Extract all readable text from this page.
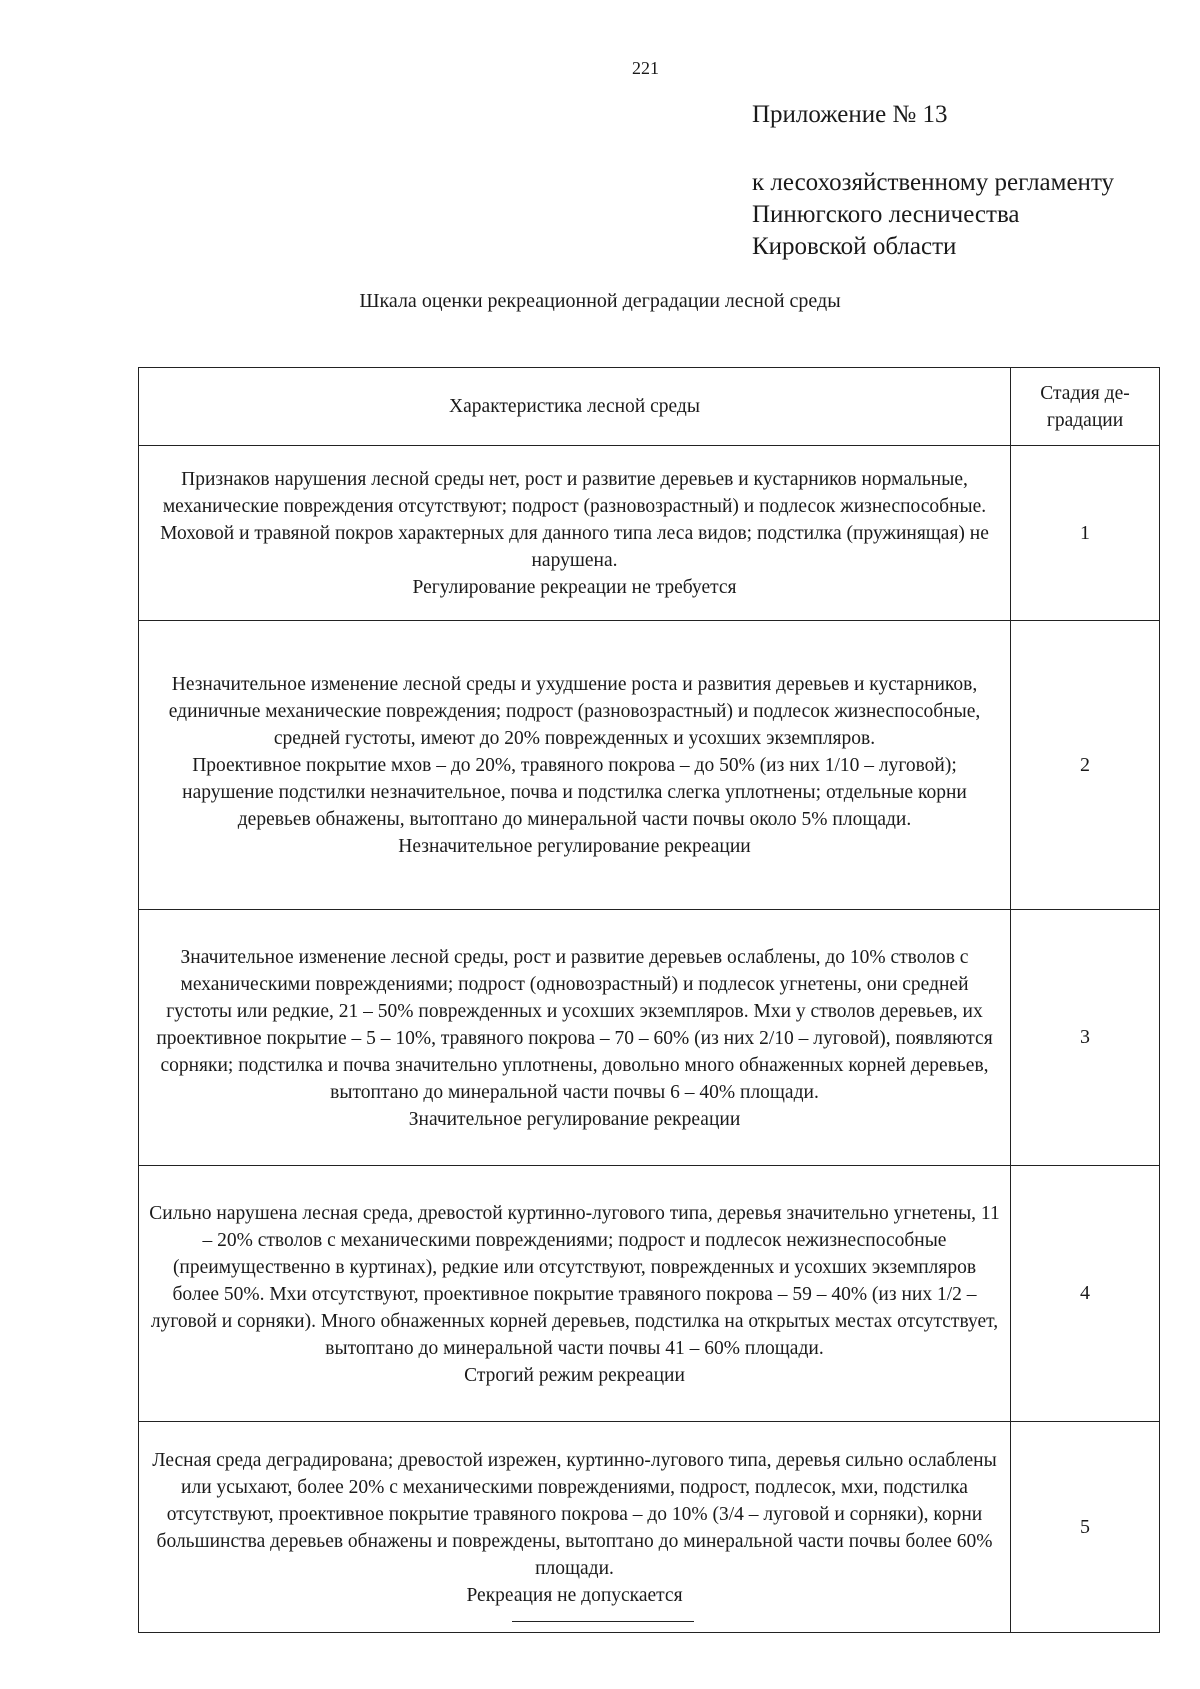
221
Приложение № 13
к лесохозяйственному регламенту
Пинюгского лесничества
Кировской области
Шкала оценки рекреационной деградации лесной среды
Характеристика лесной среды	Стадия де-
градации

Признаков нарушения лесной среды нет, рост и развитие деревьев и кустарников нормальные, механические повреждения отсутствуют; подрост (разновозрастный) и подлесок жизнеспособные. Моховой и травяной покров характерных для данного типа леса видов; подстилка (пружинящая) не нарушена.

Регулирование рекреации не требуется	1

Незначительное изменение лесной среды и ухудшение роста и развития деревьев и кустарников, единичные механические повреждения; подрост (разновозрастный) и подлесок жизнеспособные, средней густоты, имеют до 20% поврежденных и усохших экземпляров.

Проективное покрытие мхов – до 20%, травяного покрова – до 50% (из них 1/10 – луговой); нарушение подстилки незначительное, почва и подстилка слегка уплотнены; отдельные корни деревьев обнажены, вытоптано до минеральной части почвы около 5% площади.

Незначительное регулирование рекреации	2

Значительное изменение лесной среды, рост и развитие деревьев ослаблены, до 10% стволов с механическими повреждениями; подрост (одновозрастный) и подлесок угнетены, они средней густоты или редкие, 21 – 50% поврежденных и усохших экземпляров. Мхи у стволов деревьев, их проективное покрытие – 5 – 10%, травяного покрова – 70 – 60% (из них 2/10 – луговой), появляются сорняки; подстилка и почва значительно уплотнены, довольно много обнаженных корней деревьев, вытоптано до минеральной части почвы 6 – 40% площади.

Значительное регулирование рекреации	3

Сильно нарушена лесная среда, древостой куртинно-лугового типа, деревья значительно угнетены, 11 – 20% стволов с механическими повреждениями; подрост и подлесок нежизнеспособные (преимущественно в куртинах), редкие или отсутствуют, поврежденных и усохших экземпляров более 50%. Мхи отсутствуют, проективное покрытие травяного покрова – 59 – 40% (из них 1/2 – луговой и сорняки). Много обнаженных корней деревьев, подстилка на открытых местах отсутствует, вытоптано до минеральной части почвы 41 – 60% площади.

Строгий режим рекреации	4

Лесная среда деградирована; древостой изрежен, куртинно-лугового типа, деревья сильно ослаблены или усыхают, более 20% с механическими повреждениями, подрост, подлесок, мхи, подстилка отсутствуют, проективное покрытие травяного покрова – до 10% (3/4 – луговой и сорняки), корни большинства деревьев обнажены и повреждены, вытоптано до минеральной части почвы более 60% площади.

Рекреация не допускается	5
